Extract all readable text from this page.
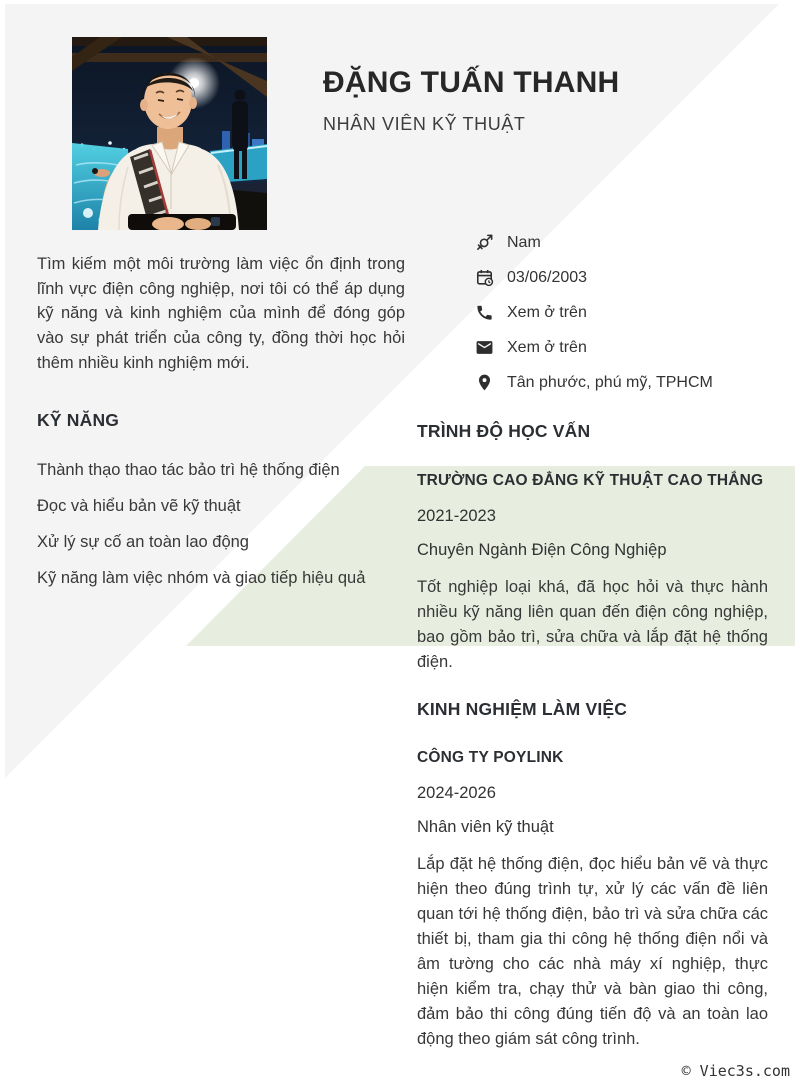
ĐẶNG TUẤN THANH
NHÂN VIÊN KỸ THUẬT

Tìm kiếm một môi trường làm việc ổn định trong lĩnh vực điện công nghiệp, nơi tôi có thể áp dụng kỹ năng và kinh nghiệm của mình để đóng góp vào sự phát triển của công ty, đồng thời học hỏi thêm nhiều kinh nghiệm mới.

Nam
03/06/2003
Xem ở trên
Xem ở trên
Tân phước, phú mỹ, TPHCM
KỸ NĂNG

Thành thạo thao tác bảo trì hệ thống điện

Đọc và hiểu bản vẽ kỹ thuật

Xử lý sự cố an toàn lao động

Kỹ năng làm việc nhóm và giao tiếp hiệu quả

TRÌNH ĐỘ HỌC VẤN
TRƯỜNG CAO ĐẲNG KỸ THUẬT CAO THẮNG

2021-2023

Chuyên Ngành Điện Công Nghiệp

Tốt nghiệp loại khá, đã học hỏi và thực hành nhiều kỹ năng liên quan đến điện công nghiệp, bao gồm bảo trì, sửa chữa và lắp đặt hệ thống điện.

KINH NGHIỆM LÀM VIỆC
CÔNG TY POYLINK

2024-2026

Nhân viên kỹ thuật

Lắp đặt hệ thống điện, đọc hiểu bản vẽ và thực hiện theo đúng trình tự, xử lý các vấn đề liên quan tới hệ thống điện, bảo trì và sửa chữa các thiết bị, tham gia thi công hệ thống điện nổi và âm tường cho các nhà máy xí nghiệp, thực hiện kiểm tra, chạy thử và bàn giao thi công, đảm bảo thi công đúng tiến độ và an toàn lao động theo giám sát công trình.

© Viec3s.com
